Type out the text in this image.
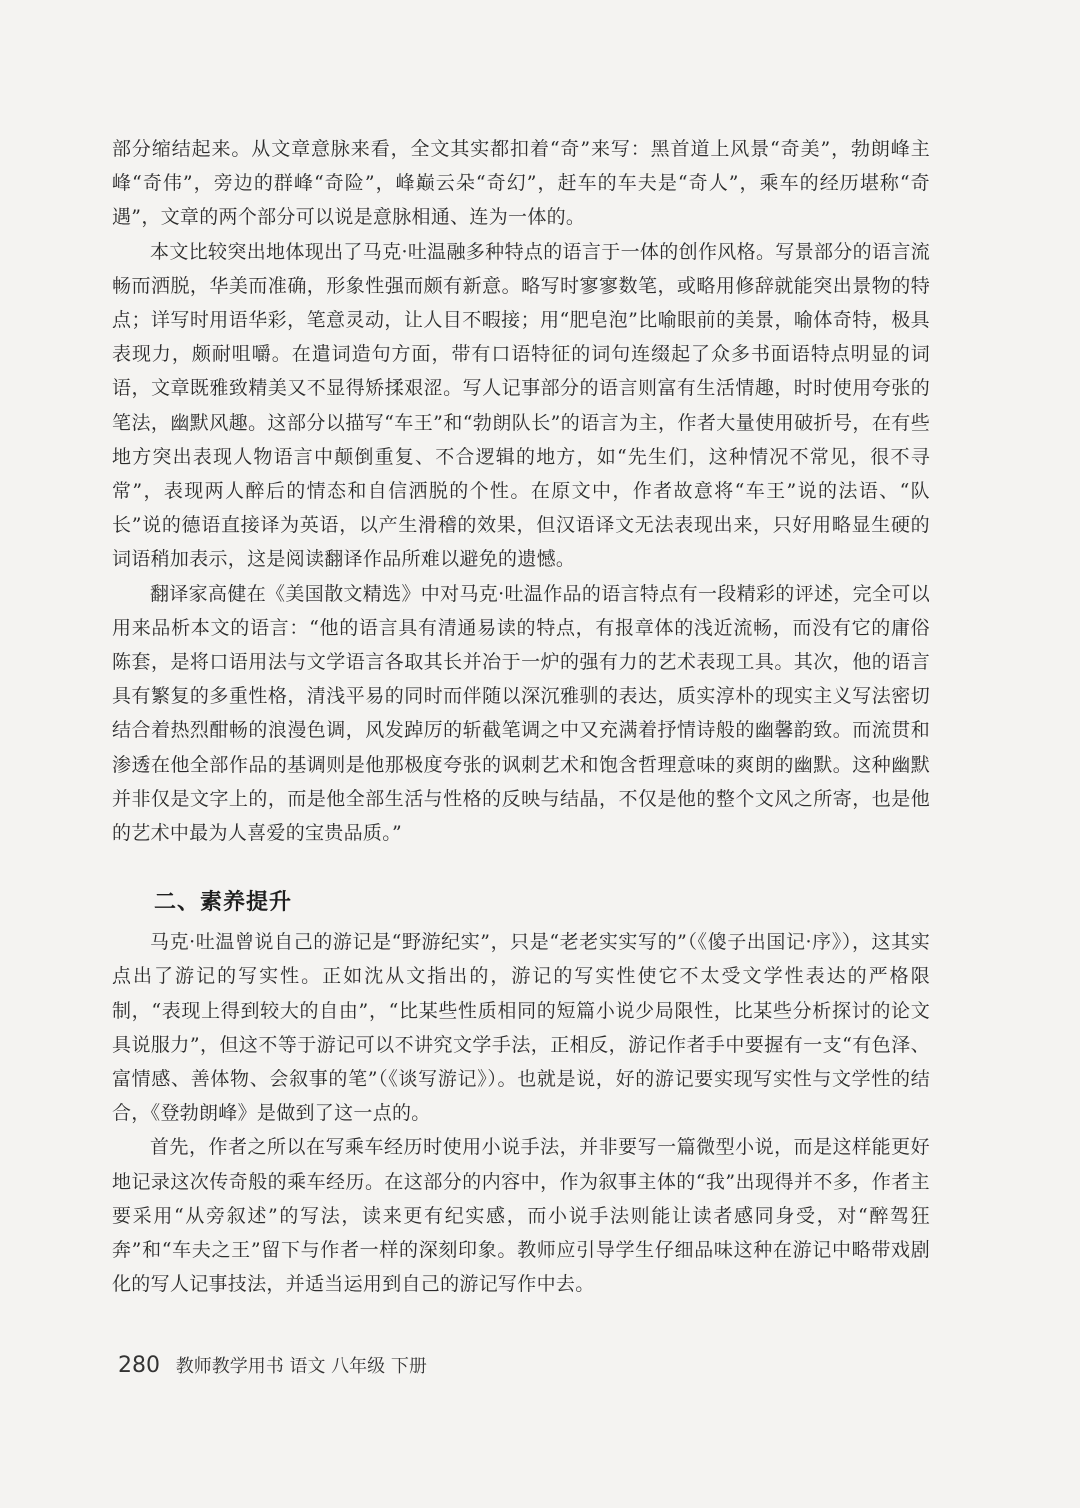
部分缩结起来。从文章意脉来看，全文其实都扣着“奇”来写：黑首道上风景“奇美”，勃朗峰主峰“奇伟”，旁边的群峰“奇险”，峰巅云朵“奇幻”，赶车的车夫是“奇人”，乘车的经历堪称“奇遇”，文章的两个部分可以说是意脉相通、连为一体的。

本文比较突出地体现出了马克·吐温融多种特点的语言于一体的创作风格。写景部分的语言流畅而洒脱，华美而准确，形象性强而颇有新意。略写时寥寥数笔，或略用修辞就能突出景物的特点；详写时用语华彩，笔意灵动，让人目不暇接；用“肥皂泡”比喻眼前的美景，喻体奇特，极具表现力，颇耐咀嚼。在遣词造句方面，带有口语特征的词句连缀起了众多书面语特点明显的词语，文章既雅致精美又不显得矫揉艰涩。写人记事部分的语言则富有生活情趣，时时使用夸张的笔法，幽默风趣。这部分以描写“车王”和“勃朗队长”的语言为主，作者大量使用破折号，在有些地方突出表现人物语言中颠倒重复、不合逻辑的地方，如“先生们，这种情况不常见，很不寻常”，表现两人醉后的情态和自信洒脱的个性。在原文中，作者故意将“车王”说的法语、“队长”说的德语直接译为英语，以产生滑稽的效果，但汉语译文无法表现出来，只好用略显生硬的词语稍加表示，这是阅读翻译作品所难以避免的遗憾。

翻译家高健在《美国散文精选》中对马克·吐温作品的语言特点有一段精彩的评述，完全可以用来品析本文的语言：“他的语言具有清通易读的特点，有报章体的浅近流畅，而没有它的庸俗陈套，是将口语用法与文学语言各取其长并冶于一炉的强有力的艺术表现工具。其次，他的语言具有繁复的多重性格，清浅平易的同时而伴随以深沉雅驯的表达，质实淳朴的现实主义写法密切结合着热烈酣畅的浪漫色调，风发踔厉的斩截笔调之中又充满着抒情诗般的幽馨韵致。而流贯和渗透在他全部作品的基调则是他那极度夸张的讽刺艺术和饱含哲理意味的爽朗的幽默。这种幽默并非仅是文字上的，而是他全部生活与性格的反映与结晶，不仅是他的整个文风之所寄，也是他的艺术中最为人喜爱的宝贵品质。”

二、素养提升

马克·吐温曾说自己的游记是“野游纪实”，只是“老老实实写的”（《傻子出国记·序》），这其实点出了游记的写实性。正如沈从文指出的，游记的写实性使它不太受文学性表达的严格限制，“表现上得到较大的自由”，“比某些性质相同的短篇小说少局限性，比某些分析探讨的论文具说服力”，但这不等于游记可以不讲究文学手法，正相反，游记作者手中要握有一支“有色泽、富情感、善体物、会叙事的笔”（《谈写游记》）。也就是说，好的游记要实现写实性与文学性的结合，《登勃朗峰》是做到了这一点的。

首先，作者之所以在写乘车经历时使用小说手法，并非要写一篇微型小说，而是这样能更好地记录这次传奇般的乘车经历。在这部分的内容中，作为叙事主体的“我”出现得并不多，作者主要采用“从旁叙述”的写法，读来更有纪实感，而小说手法则能让读者感同身受，对“醉驾狂奔”和“车夫之王”留下与作者一样的深刻印象。教师应引导学生仔细品味这种在游记中略带戏剧化的写人记事技法，并适当运用到自己的游记写作中去。

280 教师教学用书 语文 八年级 下册
